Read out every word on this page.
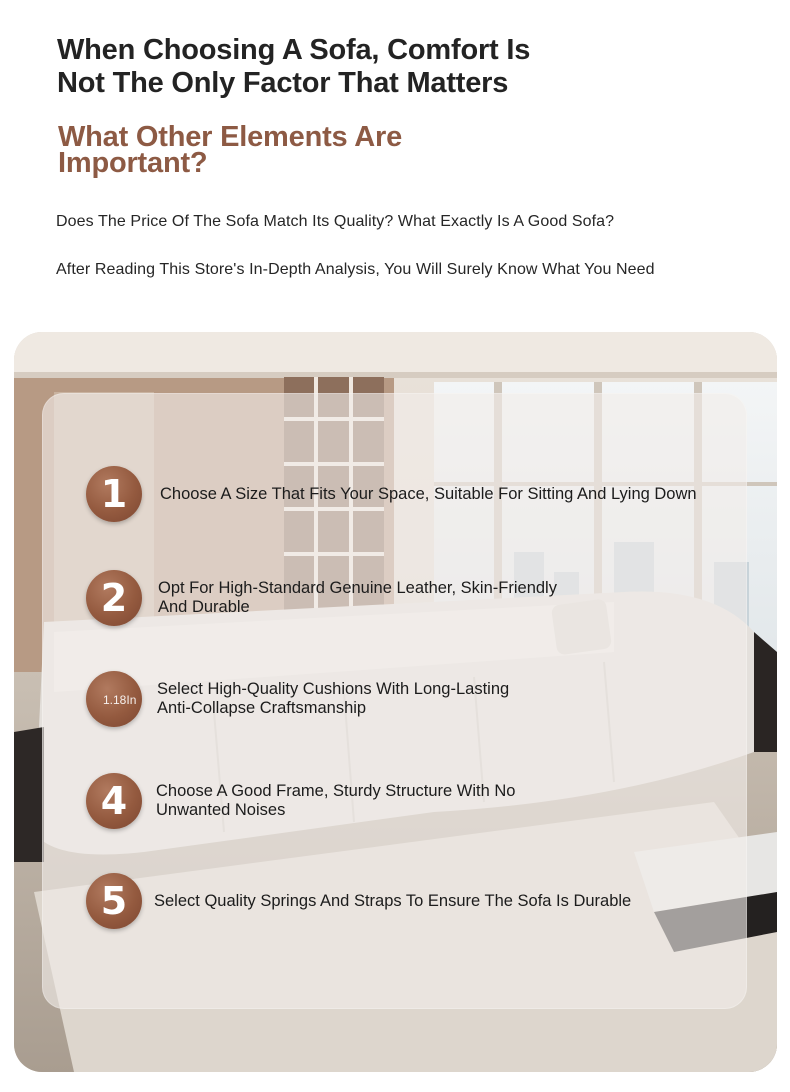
When Choosing A Sofa, Comfort Is
Not The Only Factor That Matters
What Other Elements Are
Important?

Does The Price Of The Sofa Match Its Quality? What Exactly Is A Good Sofa?

After Reading This Store's In-Depth Analysis, You Will Surely Know What You Need

1	Choose A Size That Fits Your Space, Suitable For Sitting And Lying Down
2	Opt For High-Standard Genuine Leather, Skin-Friendly
And Durable
Select High-Quality Cushions With Long-Lasting
Anti-Collapse Craftsmanship
1.18In
4	Choose A Good Frame, Sturdy Structure With No
Unwanted Noises
5	Select Quality Springs And Straps To Ensure The Sofa Is Durable
